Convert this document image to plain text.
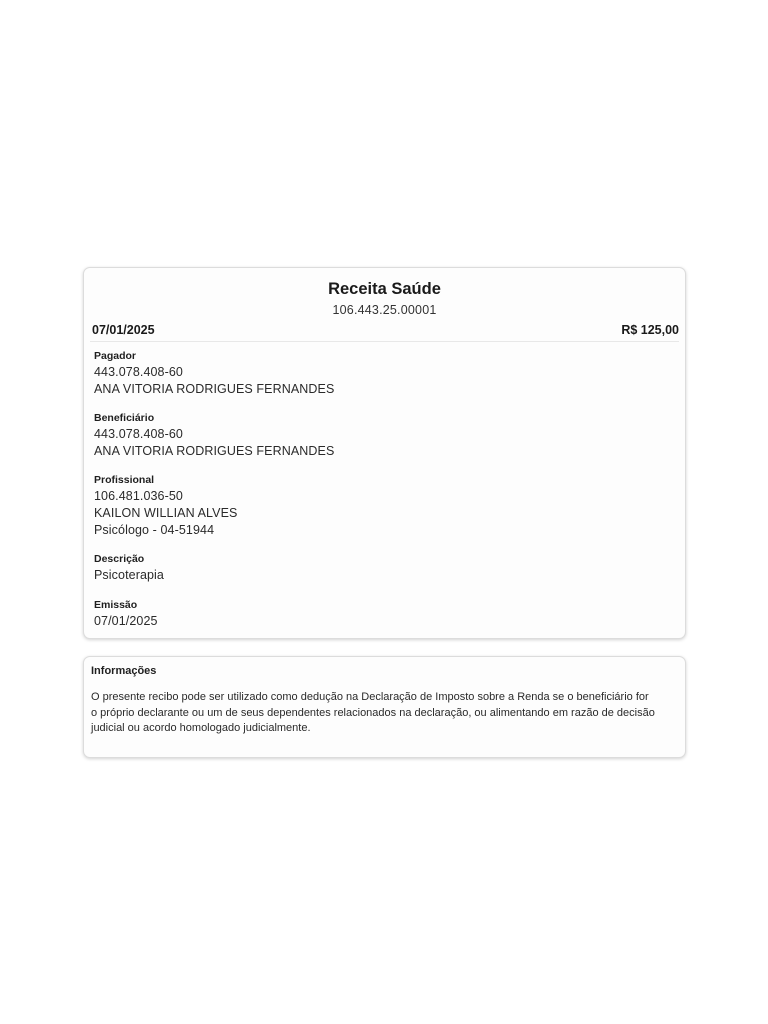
Receita Saúde
106.443.25.00001
07/01/2025	R$ 125,00
Pagador
443.078.408-60
ANA VITORIA RODRIGUES FERNANDES
Beneficiário
443.078.408-60
ANA VITORIA RODRIGUES FERNANDES
Profissional
106.481.036-50
KAILON WILLIAN ALVES
Psicólogo - 04-51944
Descrição
Psicoterapia
Emissão
07/01/2025
Informações
O presente recibo pode ser utilizado como dedução na Declaração de Imposto sobre a Renda se o beneficiário for o próprio declarante ou um de seus dependentes relacionados na declaração, ou alimentando em razão de decisão judicial ou acordo homologado judicialmente.
